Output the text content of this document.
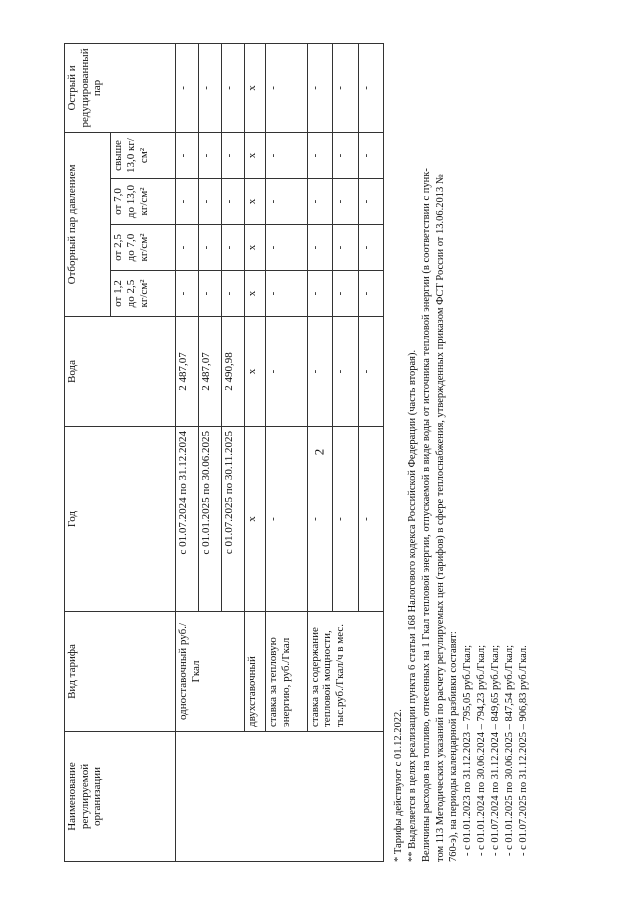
2
Наименование регулируемой организации	Вид тарифа	Год	Вода	Отборный пар давлением				Острый и редуцированный пар
				от 1,2 до 2,5 кг/см²	от 2,5 до 7,0 кг/см²	от 7,0 до 13,0 кг/см²	свыше 13,0 кг/см²	
	одноставочный руб./Гкал	с 01.07.2024 по 31.12.2024	2 487,07	-	-	-	-	-
		с 01.01.2025 по 30.06.2025	2 487,07	-	-	-	-	-
		с 01.07.2025 по 30.11.2025	2 490,98	-	-	-	-	-
	двухставочный	х	х	х	х	х	х	х
	ставка за тепловую энергию, руб./Гкал	-	-	-	-	-	-	-
	ставка за содержание тепловой мощности, тыс.руб./Гкал/ч в мес.	-	-	-	-	-	-	-
		-	-	-	-	-	-	-
		-	-	-	-	-	-	-
* Тарифы действуют с 01.12.2022. ** Выделяется в целях реализации пункта 6 статьи 168 Налогового кодекса Российской Федерации (часть вторая). Величины расходов на топливо, отнесенных на 1 Гкал тепловой энергии, отпускаемой в виде воды от источника тепловой энергии (в соответствии с пунк- том 113 Методических указаний по расчету регулируемых цен (тарифов) в сфере теплоснабжения, утвержденных приказом ФСТ России от 13.06.2013 № 760-э), на периоды календарной разбивки составят: - с 01.01.2023 по 31.12.2023 – 795,05 руб./Гкал; - с 01.01.2024 по 30.06.2024 – 794,23 руб./Гкал; - с 01.07.2024 по 31.12.2024 – 849,65 руб./Гкал; - с 01.01.2025 по 30.06.2025 – 847,54 руб./Гкал; - с 01.07.2025 по 31.12.2025 – 906,83 руб./Гкал.
